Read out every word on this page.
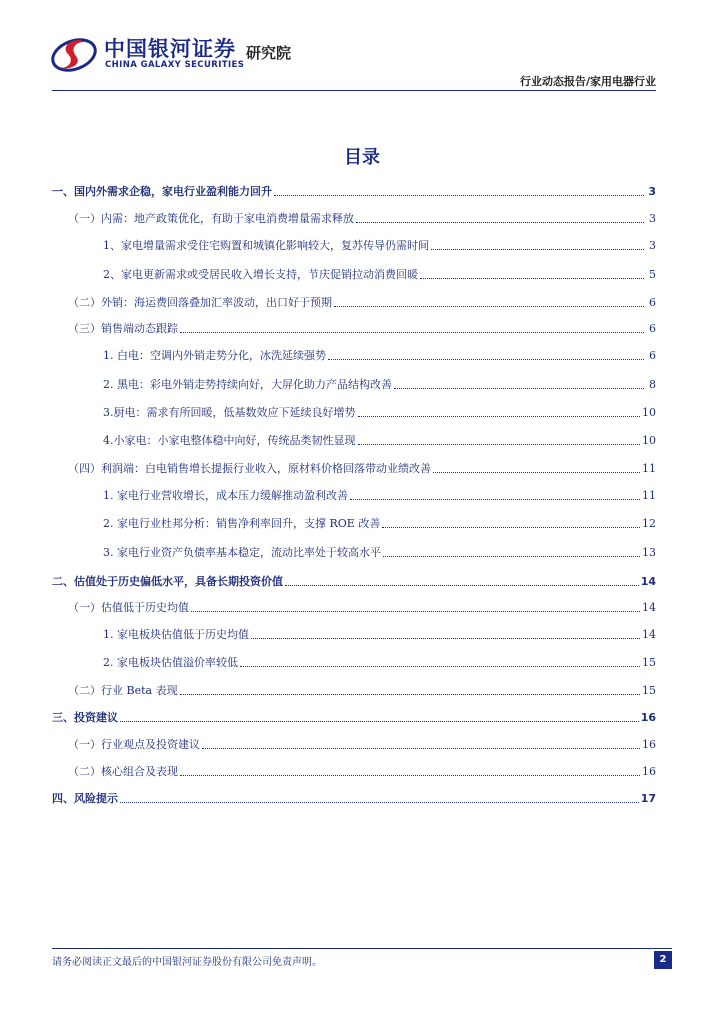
中国银河证券
CHINA GALAXY SECURITIES
研究院
行业动态报告/家用电器行业
目录
一、国内外需求企稳，家电行业盈利能力回升	3
（一）内需：地产政策优化，有助于家电消费增量需求释放	3
1、家电增量需求受住宅购置和城镇化影响较大，复苏传导仍需时间	3
2、家电更新需求或受居民收入增长支持，节庆促销拉动消费回暖	5
（二）外销：海运费回落叠加汇率波动，出口好于预期	6
（三）销售端动态跟踪	6
1. 白电：空调内外销走势分化，冰洗延续强势	6
2. 黑电：彩电外销走势持续向好，大屏化助力产品结构改善	8
3.厨电：需求有所回暖，低基数效应下延续良好增势	10
4.小家电：小家电整体稳中向好，传统品类韧性显现	10
（四）利润端：白电销售增长提振行业收入，原材料价格回落带动业绩改善	11
1. 家电行业营收增长，成本压力缓解推动盈利改善	11
2. 家电行业杜邦分析：销售净利率回升，支撑 ROE 改善	12
3. 家电行业资产负债率基本稳定，流动比率处于较高水平	13
二、估值处于历史偏低水平，具备长期投资价值	14
（一）估值低于历史均值	14
1. 家电板块估值低于历史均值	14
2. 家电板块估值溢价率较低	15
（二）行业 Beta 表现	15
三、投资建议	16
（一）行业观点及投资建议	16
（二）核心组合及表现	16
四、风险提示	17
请务必阅读正文最后的中国银河证券股份有限公司免责声明。	2
